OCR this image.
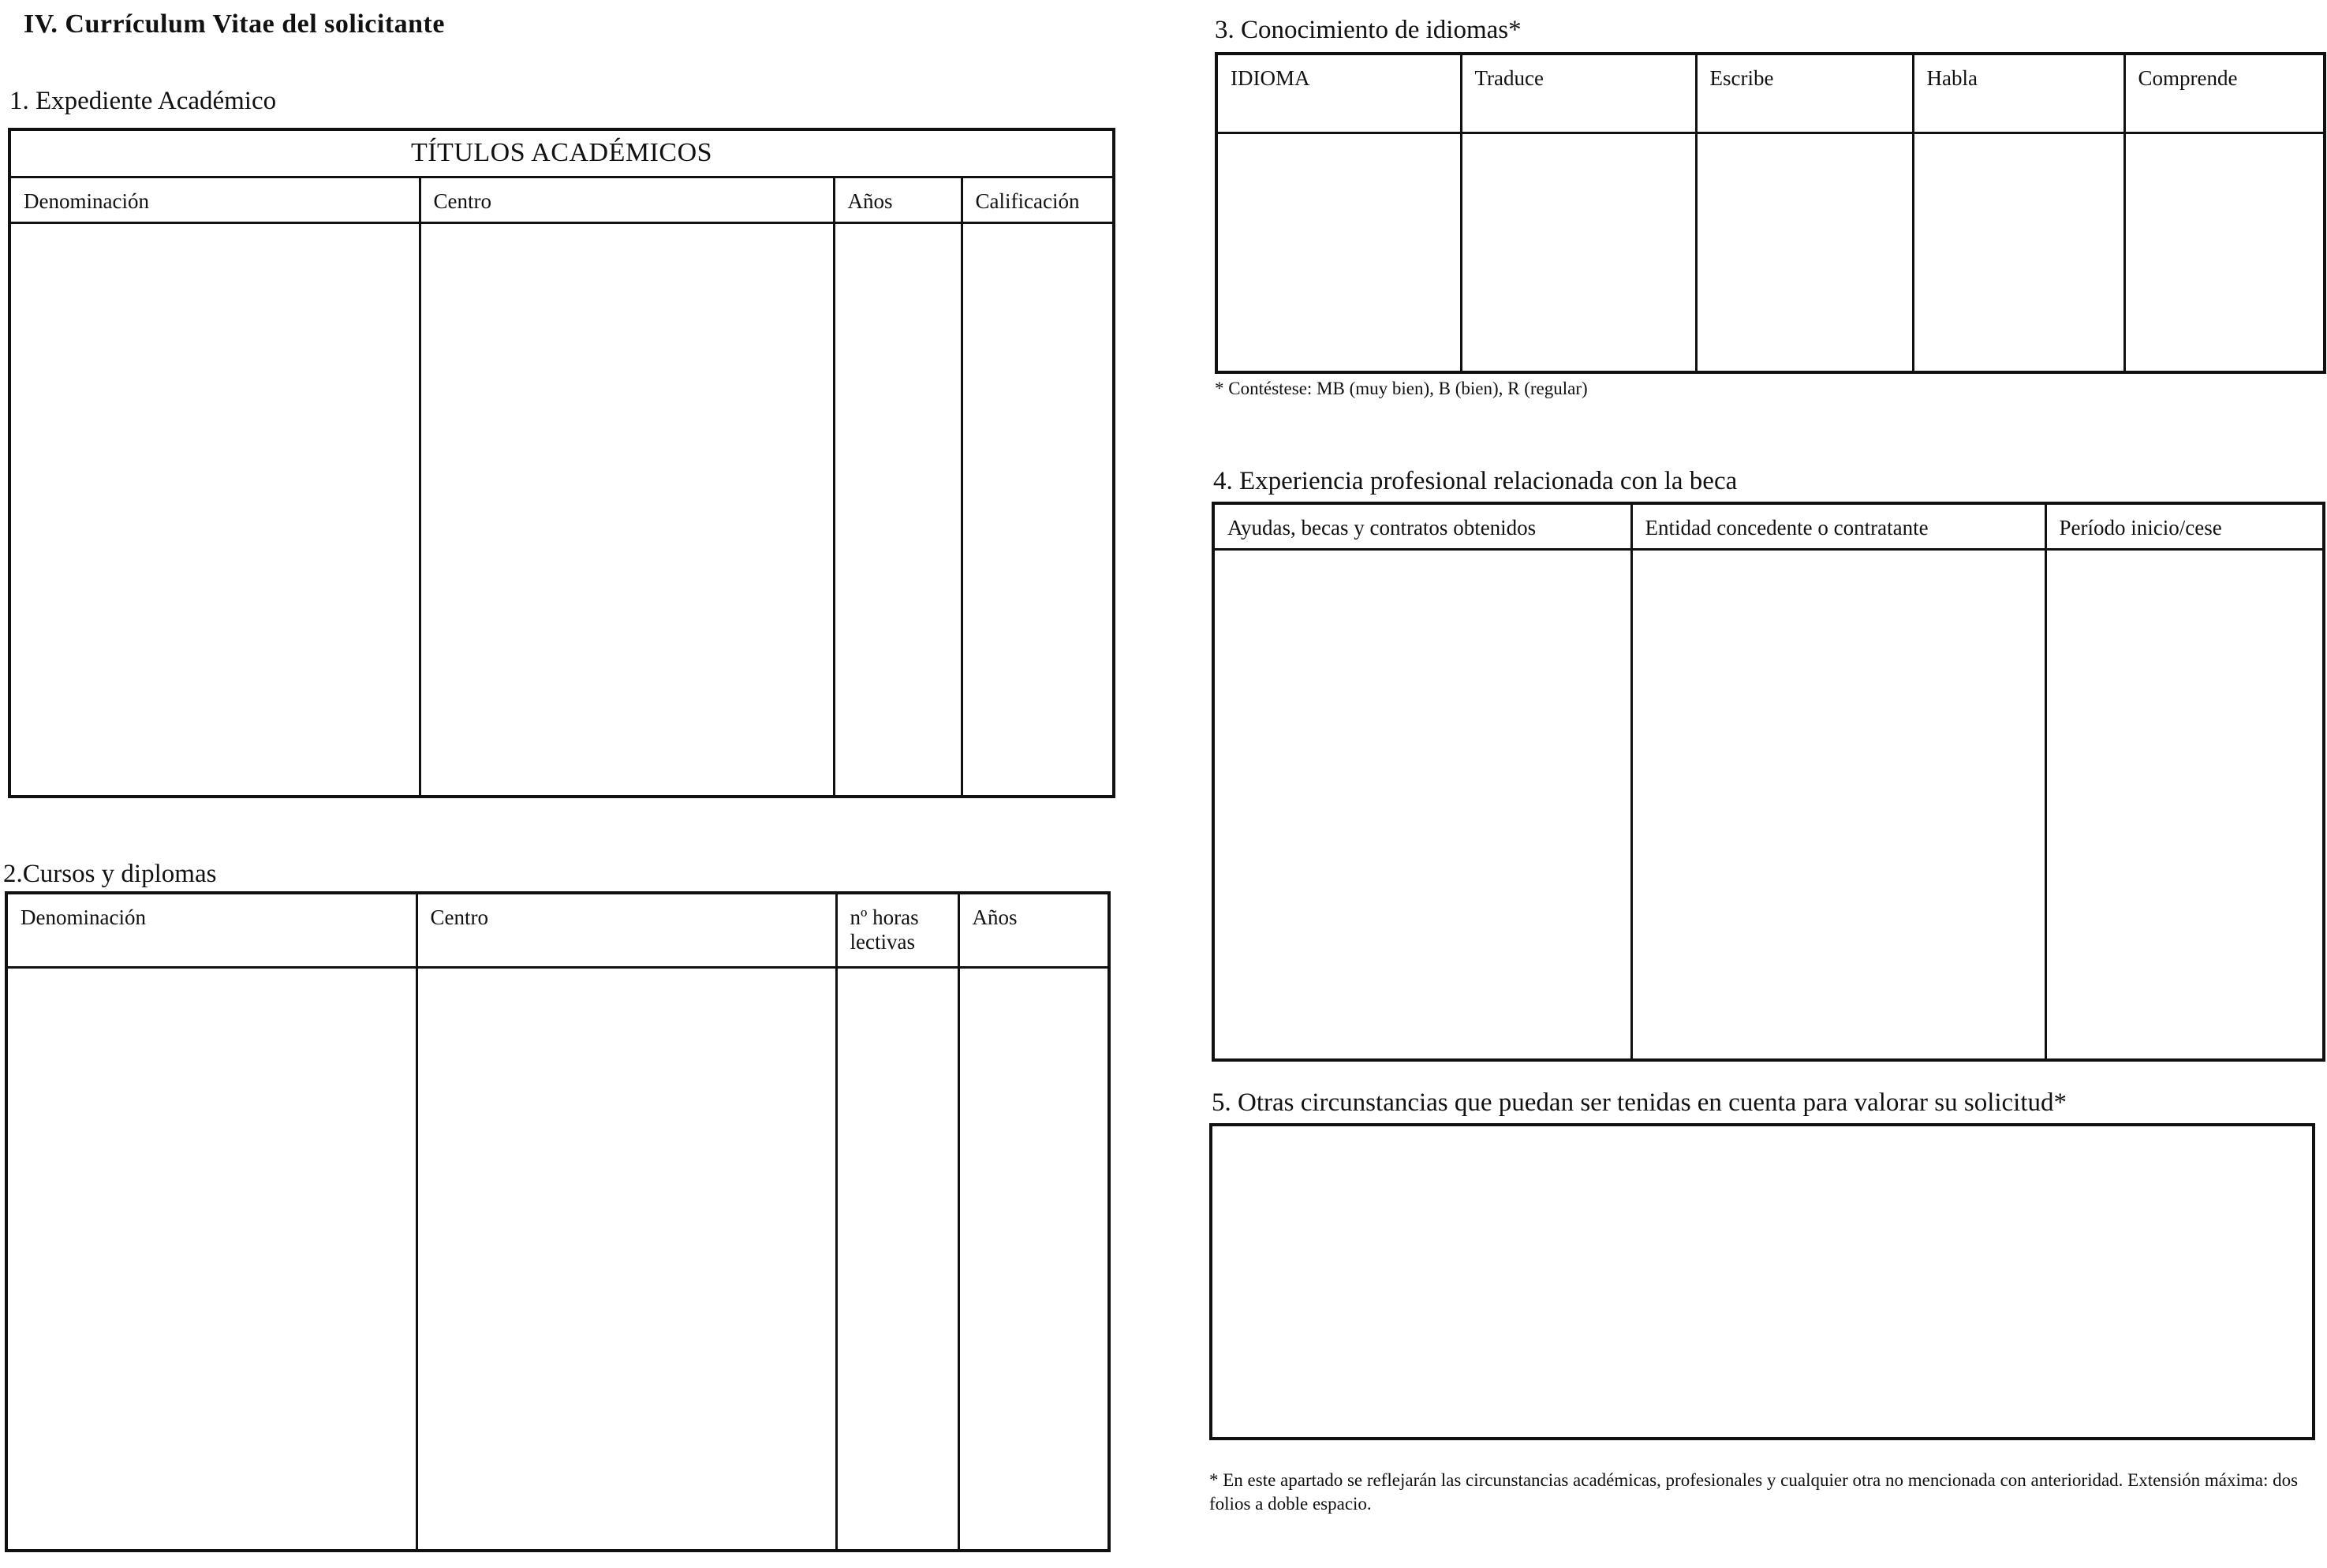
IV. Currículum Vitae del solicitante
1. Expediente Académico
TÍTULOS ACADÉMICOS			
Denominación	Centro	Años	Calificación

2.Cursos y diplomas
Denominación	Centro	nº horas lectivas	Años

3. Conocimiento de idiomas*
IDIOMA	Traduce	Escribe	Habla	Comprende

* Contéstese: MB (muy bien), B (bien), R (regular)
4. Experiencia profesional relacionada con la beca
Ayudas, becas y contratos obtenidos	Entidad concedente o contratante	Período inicio/cese

5. Otras circunstancias que puedan ser tenidas en cuenta para valorar su solicitud*
* En este apartado se reflejarán las circunstancias académicas, profesionales y cualquier otra no mencionada con anterioridad. Extensión máxima: dos folios a doble espacio.
